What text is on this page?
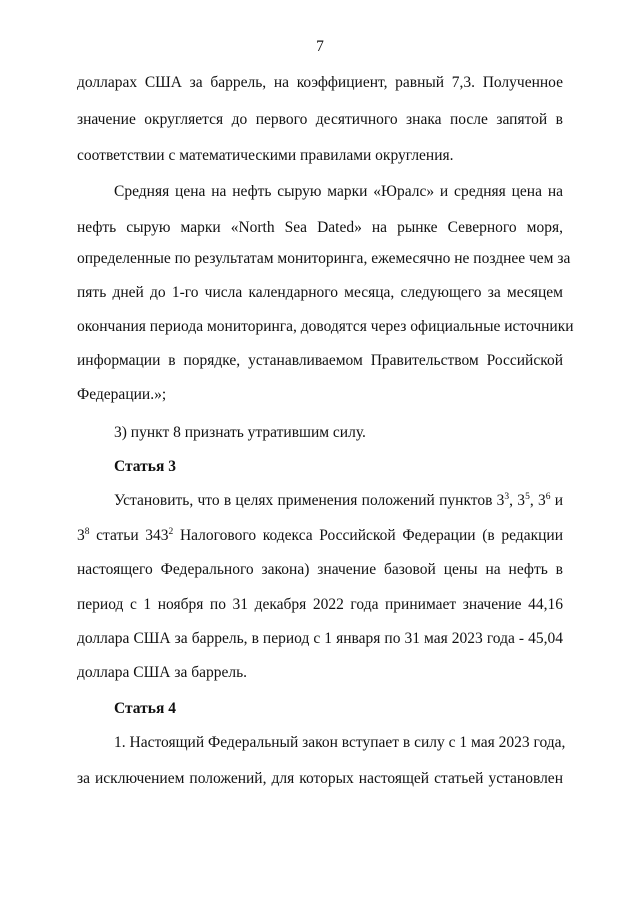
7
долларах США за баррель, на коэффициент, равный 7,3. Полученное
значение округляется до первого десятичного знака после запятой в
соответствии с математическими правилами округления.
Средняя цена на нефть сырую марки «Юралс» и средняя цена на
нефть сырую марки «North Sea Dated» на рынке Северного моря,
определенные по результатам мониторинга, ежемесячно не позднее чем за
пять дней до 1-го числа календарного месяца, следующего за месяцем
окончания периода мониторинга, доводятся через официальные источники
информации в порядке, устанавливаемом Правительством Российской
Федерации.»;
3) пункт 8 признать утратившим силу.
Статья 3
Установить, что в целях применения положений пунктов $3^3$, $3^5$, $3^6$ и
$3^8$ статьи $343^2$ Налогового кодекса Российской Федерации (в редакции
настоящего Федерального закона) значение базовой цены на нефть в
период с 1 ноября по 31 декабря 2022 года принимает значение 44,16
доллара США за баррель, в период с 1 января по 31 мая 2023 года - 45,04
доллара США за баррель.
Статья 4
1. Настоящий Федеральный закон вступает в силу с 1 мая 2023 года,
за исключением положений, для которых настоящей статьей установлен
